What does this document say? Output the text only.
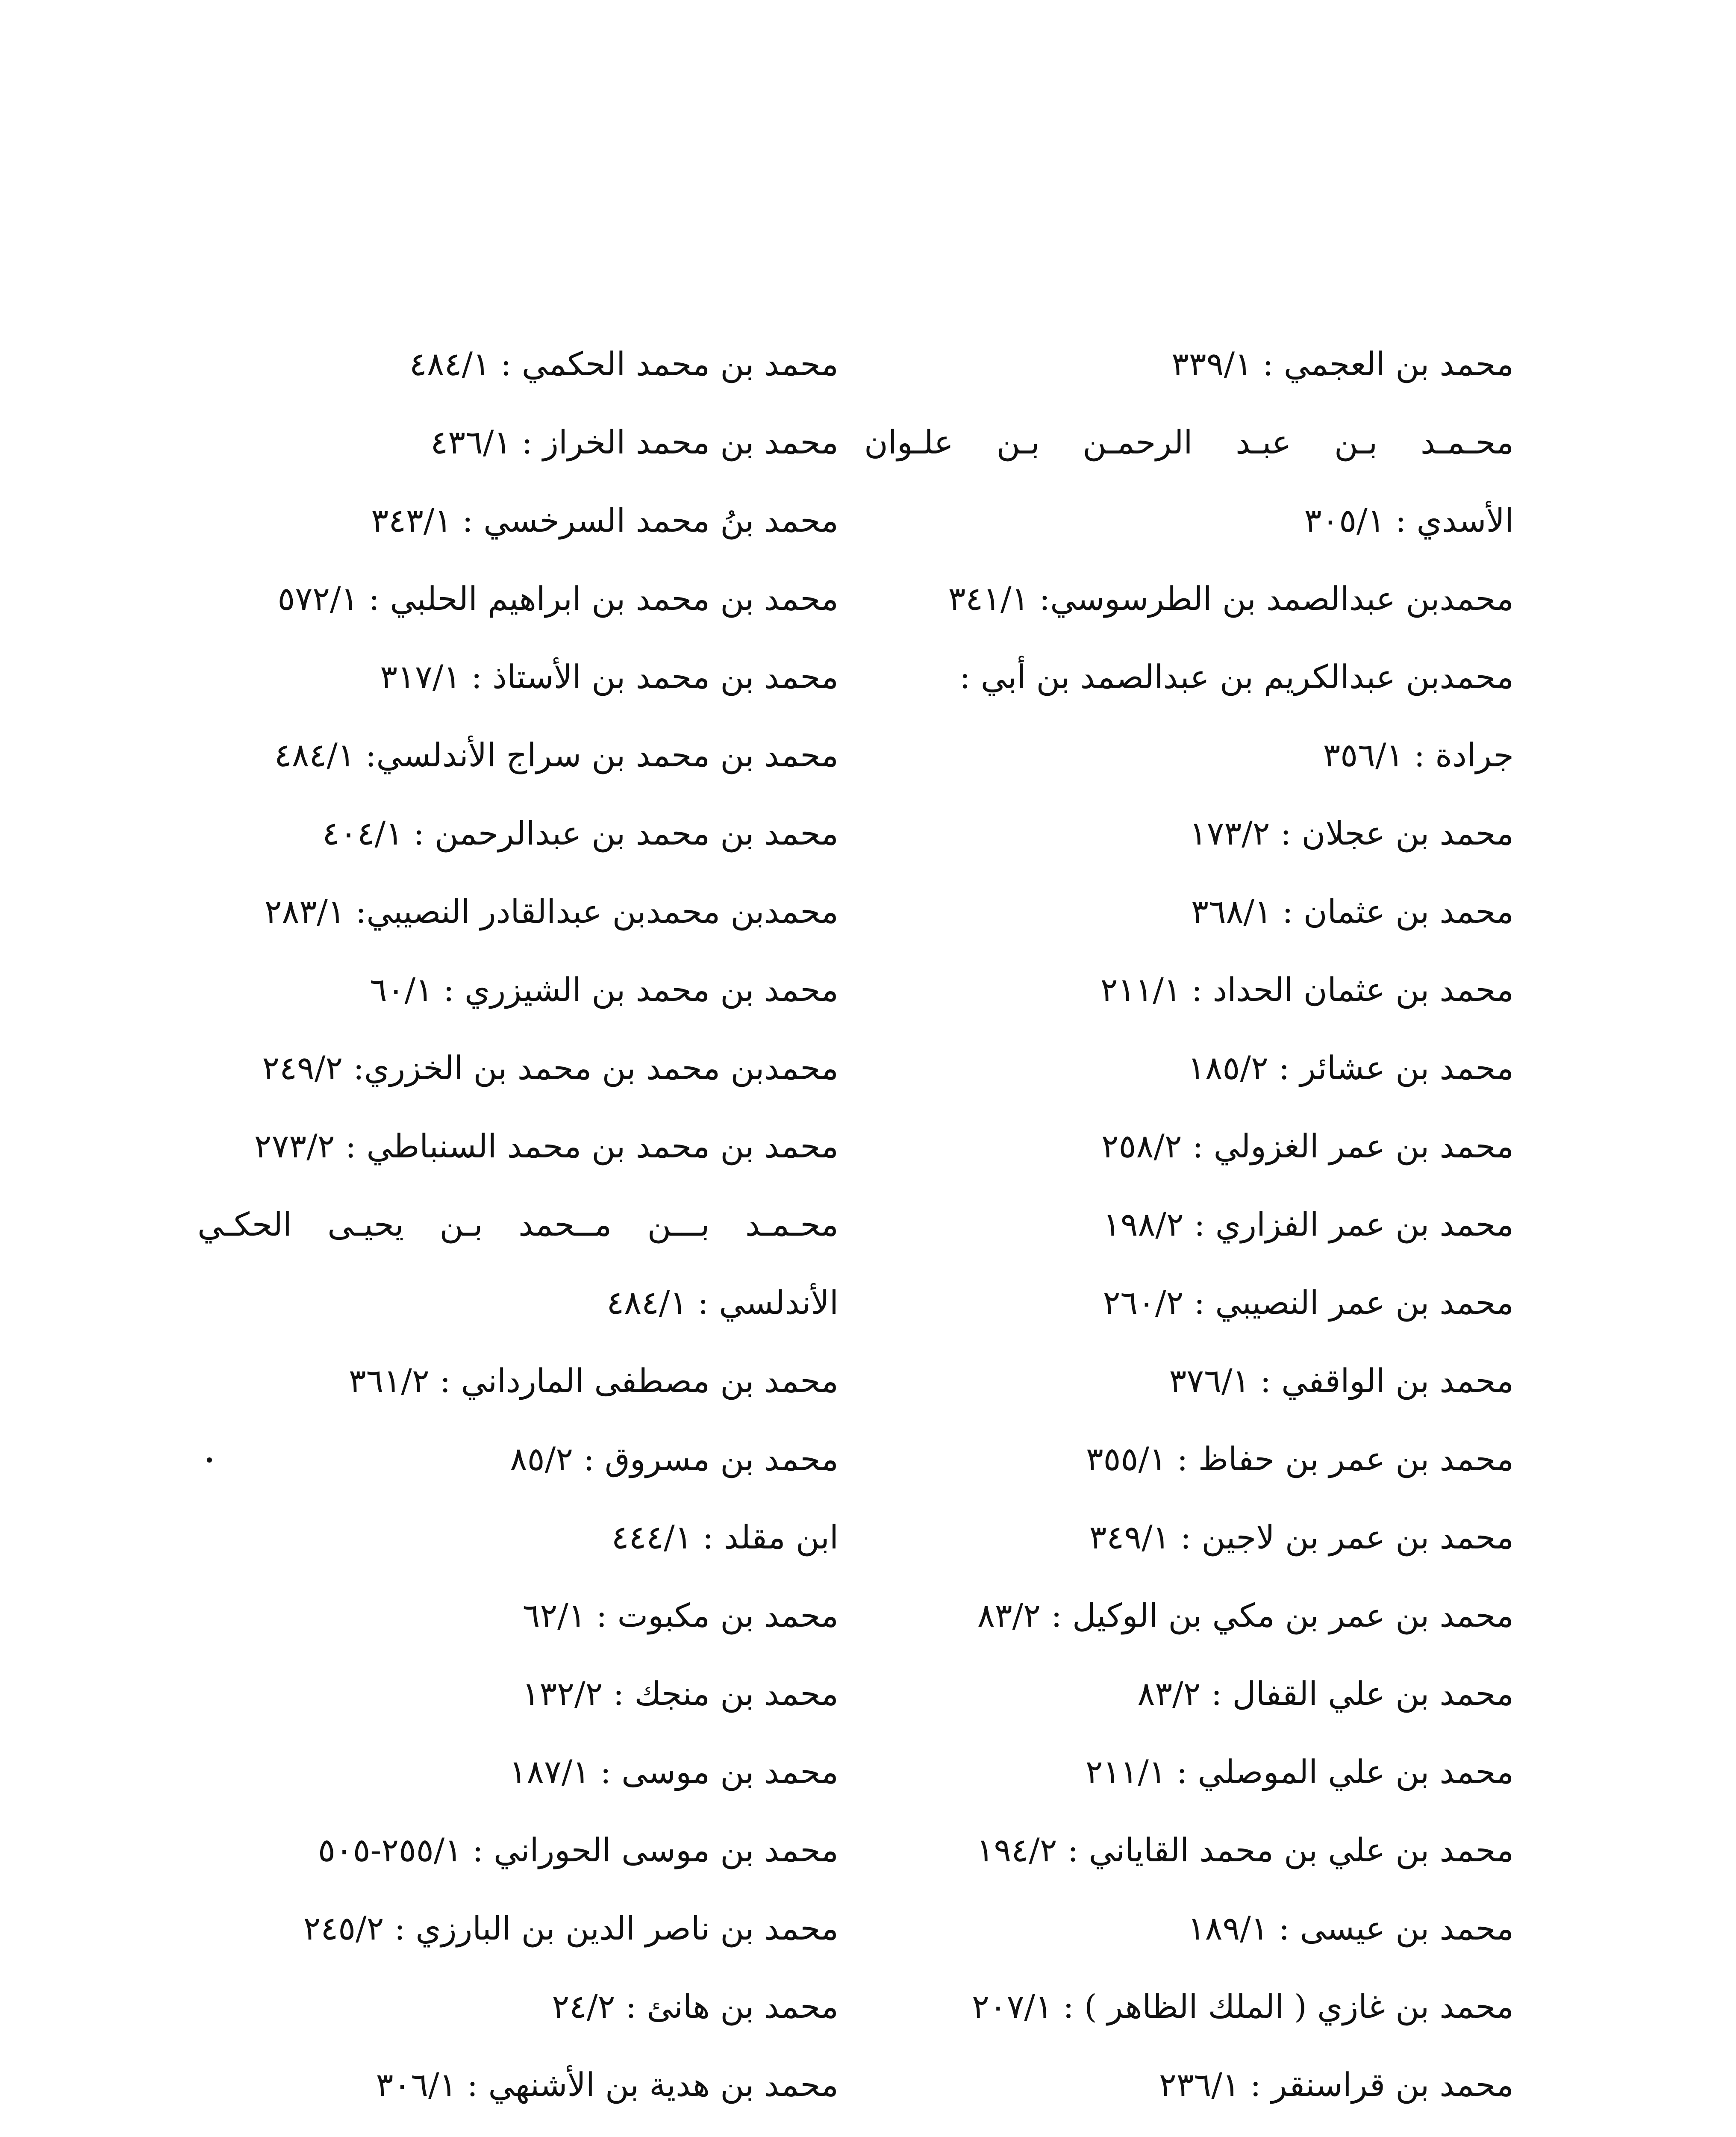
محمد بن العجمي : ٣٣٩/١
محـمـد بـن عبـد الرحمـن بـن علـوان
الأسدي : ٣٠٥/١
محمدبن عبدالصمد بن الطرسوسي: ٣٤١/١
محمدبن عبدالكريم بن عبدالصمد بن أبي :
جرادة : ٣٥٦/١
محمد بن عجلان : ١٧٣/٢
محمد بن عثمان : ٣٦٨/١
محمد بن عثمان الحداد : ٢١١/١
محمد بن عشائر : ١٨٥/٢
محمد بن عمر الغزولي : ٢٥٨/٢
محمد بن عمر الفزاري : ١٩٨/٢
محمد بن عمر النصيبي : ٢٦٠/٢
محمد بن الواقفي : ٣٧٦/١
محمد بن عمر بن حفاظ : ٣٥٥/١
محمد بن عمر بن لاجين : ٣٤٩/١
محمد بن عمر بن مكي بن الوكيل : ٨٣/٢
محمد بن علي القفال : ٨٣/٢
محمد بن علي الموصلي : ٢١١/١
محمد بن علي بن محمد القاياني : ١٩٤/٢
محمد بن عيسى : ١٨٩/١
محمد بن غازي ( الملك الظاهر ) : ٢٠٧/١
محمد بن قراسنقر : ٢٣٦/١
محمد بن محمد الحكمي : ٤٨٤/١
محمد بن محمد الخراز : ٤٣٦/١
محمد بنُ محمد السرخسي : ٣٤٣/١
محمد بن محمد بن ابراهيم الحلبي : ٥٧٢/١
محمد بن محمد بن الأستاذ : ٣١٧/١
محمد بن محمد بن سراج الأندلسي: ٤٨٤/١
محمد بن محمد بن عبدالرحمن : ٤٠٤/١
محمدبن محمدبن عبدالقادر النصيبي: ٢٨٣/١
محمد بن محمد بن الشيزري : ٦٠/١
محمدبن محمد بن محمد بن الخزري: ٢٤٩/٢
محمد بن محمد بن محمد السنباطي : ٢٧٣/٢
محـمـد بـــن مــحمد بـن يحيـى الحكـي
الأندلسي : ٤٨٤/١
محمد بن مصطفى المارداني : ٣٦١/٢
محمد بن مسروق : ٨٥/٢
ابن مقلد : ٤٤٤/١
محمد بن مكبوت : ٦٢/١
محمد بن منجك : ١٣٢/٢
محمد بن موسى : ١٨٧/١
محمد بن موسى الحوراني : ٢٥٥/١-٥٠٥
محمد بن ناصر الدين بن البارزي : ٢٤٥/٢
محمد بن هانئ : ٢٤/٢
محمد بن هدية بن الأشنهي : ٣٠٦/١
